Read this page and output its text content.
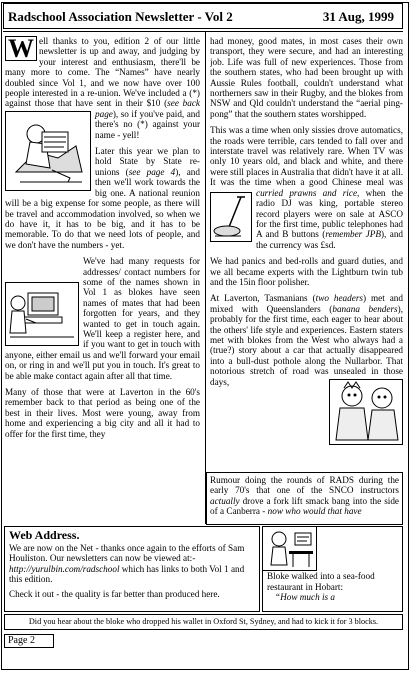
Radschool Association Newsletter - Vol 2	31 Aug, 1999

W ell thanks to you, edition 2 of our little newsletter is up and away, and judging by your interest and enthusiasm, there'll be many more to come. The “Names” have nearly doubled since Vol 1, and we now have over 100 people interested in a re-union. We've included a (*) against those that have sent in their $10 (
see back page), so if you've paid, and there's no (*) against your name - yell!

Later this year we plan to hold State by State re-unions (see page 4), and then we'll work towards the big one. A national reunion will be a big expense for some people, as there will be travel and accommodation involved, so when we do have it, it has to be big, and it has to be memorable. To do that we need lots of people, and we don't have the numbers - yet.

We've had many requests for addresses/ contact numbers for some of the names shown in Vol 1 as blokes have seen names of mates that had been forgotten for years, and they wanted to get in touch again. We'll keep a register here, and if you want to get in touch with anyone, either email us and we'll forward your email on, or ring in and we'll put you in touch. It's great to be able make contact again after all that time.

Many of those that were at Laverton in the 60's remember back to that period as being one of the best in their lives. Most were young, away from home and experiencing a big city and all it had to offer for the first time, they

had money, good mates, in most cases their own transport, they were secure, and had an interesting job. Life was full of new experiences. Those from the southern states, who had been brought up with Aussie Rules football, couldn't understand what northerners saw in their Rugby, and the blokes from NSW and Qld couldn't understand the “aerial ping-pong” that the southern states worshipped.

This was a time when only sissies drove automatics, the roads were terrible, cars tended to fall over and interstate travel was relatively rare. When TV was only 10 years old, and black and white, and there were still places in Australia that didn't have it at all. It was the time when a good Chinese meal was curried prawns and rice
, when the radio DJ was king, portable stereo record players were on sale at ASCO for the first time, public telephones had A and B buttons (remember JPB), and the currency was £sd.

We had panics and bed-rolls and guard duties, and we all became experts with the Lightburn twin tub and the 15in floor polisher.

At Laverton, Tasmanians (two headers) met and mixed with Queenslanders (banana benders), probably for the first time, each eager to hear about the others' life style and experiences. Eastern staters met with blokes from the West who always had a (true?) story about a car that actually disappeared into a bull-dust pothole along the Nullarbor. That notorious stretch of road was unsealed in those days,

Rumour doing the rounds of RADS during the early 70's that one of the SNCO instructors actually drove a fork lift smack bang into the side of a Canberra - now who would that have
Web Address.

We are now on the Net - thanks once again to the efforts of Sam Houliston. Our newsletters can now be viewed at:- http://yurulbin.com/radschool which has links to both Vol 1 and this edition.

Check it out - the quality is far better than produced here.

Bloke walked into a sea-food restaurant in Hobart:
“How much is a
Did you hear about the bloke who dropped his wallet in Oxford St, Sydney, and had to kick it for 3 blocks.
Page 2
